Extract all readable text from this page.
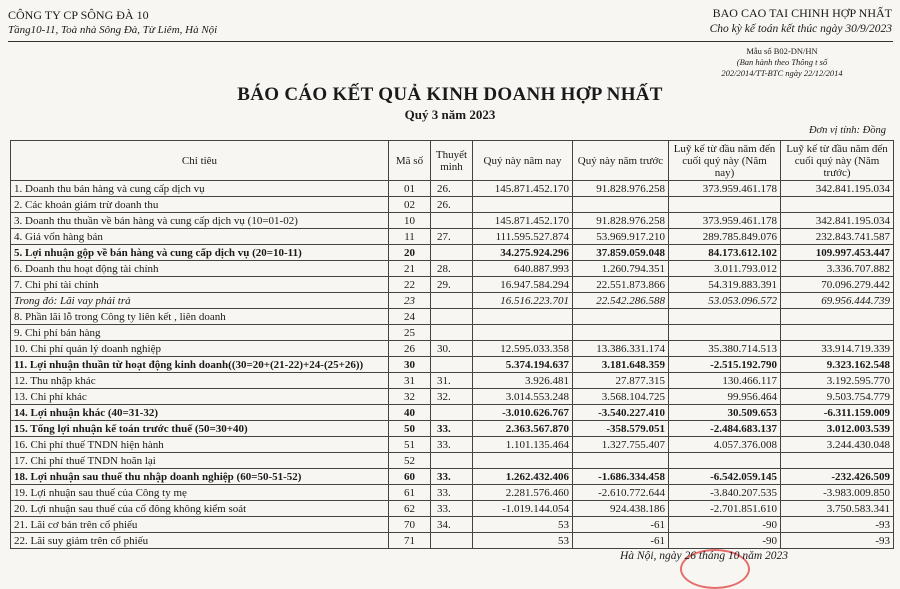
CÔNG TY CP SÔNG ĐÀ 10
Tầng10-11, Toà nhà Sông Đà, Từ Liêm, Hà Nội
BAO CAO TAI CHINH HỢP NHẤT
Cho kỳ kế toán kết thúc ngày 30/9/2023
Mẫu số B02-DN/HN
(Ban hành theo Thông t số
202/2014/TT-BTC ngày 22/12/2014
BÁO CÁO KẾT QUẢ KINH DOANH HỢP NHẤT
Quý 3 năm 2023
Đơn vị tính: Đồng
Chỉ tiêu	Mã số	Thuyết minh	Quý này năm nay	Quý này năm trước	Luỹ kế từ đầu năm đến cuối quý này (Năm nay)	Luỹ kế từ đầu năm đến cuối quý này (Năm trước)
1. Doanh thu bán hàng và cung cấp dịch vụ	01	26.	145.871.452.170	91.828.976.258	373.959.461.178	342.841.195.034
2. Các khoản giảm trừ doanh thu	02	26.				
3. Doanh thu thuần về bán hàng và cung cấp dịch vụ (10=01-02)	10		145.871.452.170	91.828.976.258	373.959.461.178	342.841.195.034
4. Giá vốn hàng bán	11	27.	111.595.527.874	53.969.917.210	289.785.849.076	232.843.741.587
5. Lợi nhuận gộp về bán hàng và cung cấp dịch vụ (20=10-11)	20		34.275.924.296	37.859.059.048	84.173.612.102	109.997.453.447
6. Doanh thu hoạt động tài chính	21	28.	640.887.993	1.260.794.351	3.011.793.012	3.336.707.882
7. Chi phí tài chính	22	29.	16.947.584.294	22.551.873.866	54.319.883.391	70.096.279.442
Trong đó: Lãi vay phải trả	23		16.516.223.701	22.542.286.588	53.053.096.572	69.956.444.739
8. Phần lãi lỗ trong Công ty liên kết , liên doanh	24					
9. Chi phí bán hàng	25					
10. Chi phí quản lý doanh nghiệp	26	30.	12.595.033.358	13.386.331.174	35.380.714.513	33.914.719.339
11. Lợi nhuận thuần từ hoạt động kinh doanh((30=20+(21-22)+24-(25+26))	30		5.374.194.637	3.181.648.359	-2.515.192.790	9.323.162.548
12. Thu nhập khác	31	31.	3.926.481	27.877.315	130.466.117	3.192.595.770
13. Chi phí khác	32	32.	3.014.553.248	3.568.104.725	99.956.464	9.503.754.779
14. Lợi nhuận khác (40=31-32)	40		-3.010.626.767	-3.540.227.410	30.509.653	-6.311.159.009
15. Tổng lợi nhuận kế toán trước thuế (50=30+40)	50	33.	2.363.567.870	-358.579.051	-2.484.683.137	3.012.003.539
16. Chi phí thuế TNDN hiện hành	51	33.	1.101.135.464	1.327.755.407	4.057.376.008	3.244.430.048
17. Chi phí thuế TNDN hoãn lại	52					
18. Lợi nhuận sau thuế thu nhập doanh nghiệp (60=50-51-52)	60	33.	1.262.432.406	-1.686.334.458	-6.542.059.145	-232.426.509
19. Lợi nhuận sau thuế của Công ty mẹ	61	33.	2.281.576.460	-2.610.772.644	-3.840.207.535	-3.983.009.850
20. Lợi nhuận sau thuế của cổ đông không kiểm soát	62	33.	-1.019.144.054	924.438.186	-2.701.851.610	3.750.583.341
21. Lãi cơ bản trên cổ phiếu	70	34.	53	-61	-90	-93
22. Lãi suy giảm trên cổ phiếu	71		53	-61	-90	-93
Hà Nội, ngày 26 tháng 10 năm 2023
